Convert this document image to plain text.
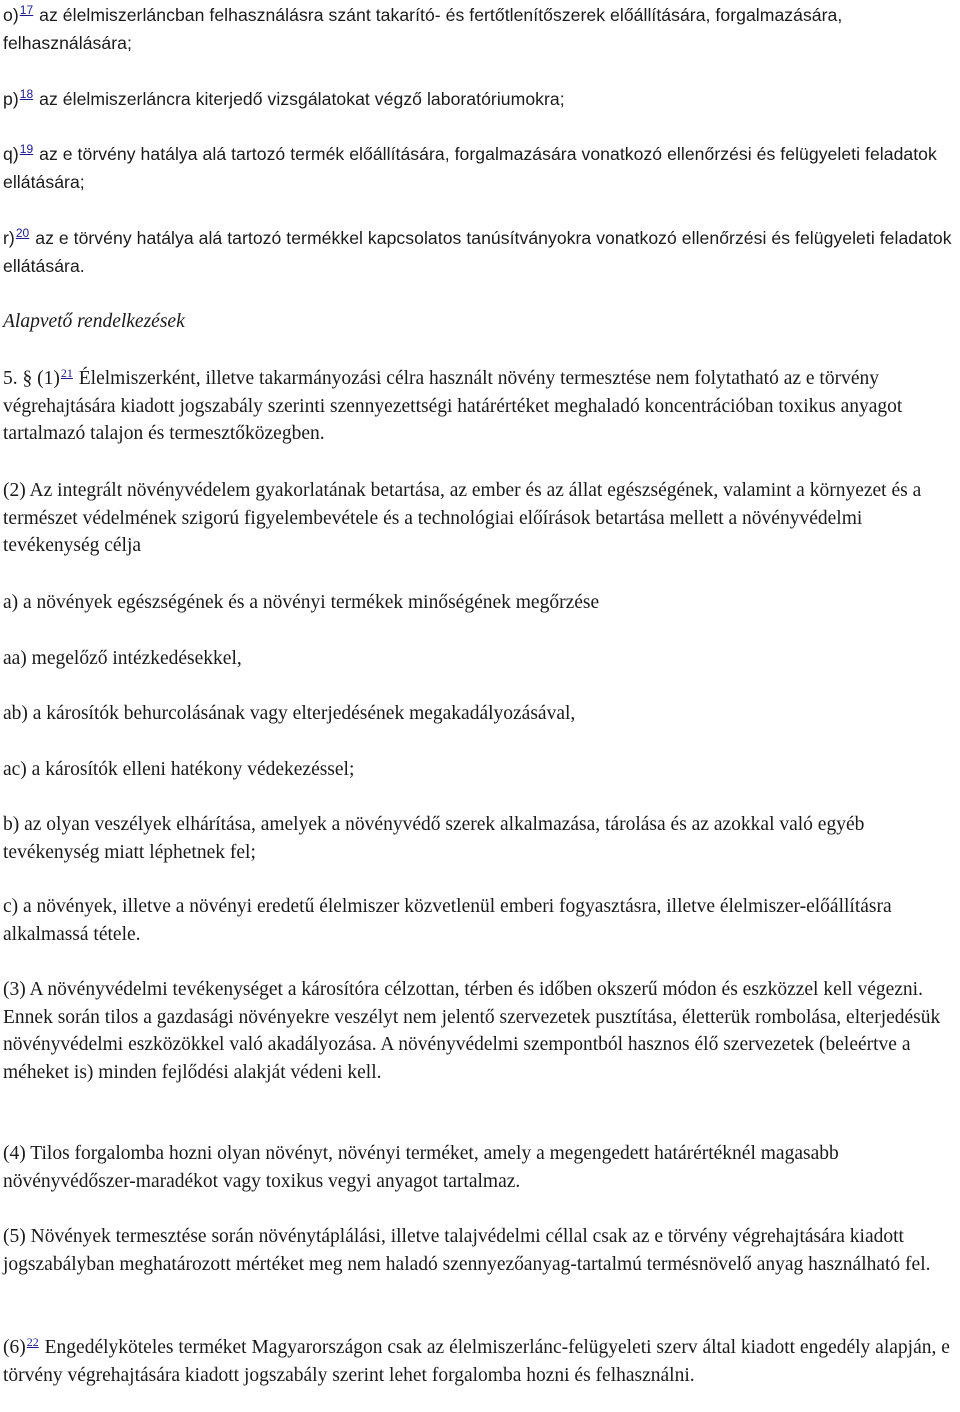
o)$^{17}$ az élelmiszerláncban felhasználásra szánt takarító- és fertőtlenítőszerek előállítására, forgalmazására, felhasználására;

p)$^{18}$ az élelmiszerláncra kiterjedő vizsgálatokat végző laboratóriumokra;

q)$^{19}$ az e törvény hatálya alá tartozó termék előállítására, forgalmazására vonatkozó ellenőrzési és felügyeleti feladatok ellátására;

r)$^{20}$ az e törvény hatálya alá tartozó termékkel kapcsolatos tanúsítványokra vonatkozó ellenőrzési és felügyeleti feladatok ellátására.

Alapvető rendelkezések

5. § (1)$^{21}$ Élelmiszerként, illetve takarmányozási célra használt növény termesztése nem folytatható az e törvény végrehajtására kiadott jogszabály szerinti szennyezettségi határértéket meghaladó koncentrációban toxikus anyagot tartalmazó talajon és termesztőközegben.

(2) Az integrált növényvédelem gyakorlatának betartása, az ember és az állat egészségének, valamint a környezet és a természet védelmének szigorú figyelembevétele és a technológiai előírások betartása mellett a növényvédelmi tevékenység célja

a) a növények egészségének és a növényi termékek minőségének megőrzése

aa) megelőző intézkedésekkel,

ab) a károsítók behurcolásának vagy elterjedésének megakadályozásával,

ac) a károsítók elleni hatékony védekezéssel;

b) az olyan veszélyek elhárítása, amelyek a növényvédő szerek alkalmazása, tárolása és az azokkal való egyéb tevékenység miatt léphetnek fel;

c) a növények, illetve a növényi eredetű élelmiszer közvetlenül emberi fogyasztásra, illetve élelmiszer-előállításra alkalmassá tétele.

(3) A növényvédelmi tevékenységet a károsítóra célzottan, térben és időben okszerű módon és eszközzel kell végezni. Ennek során tilos a gazdasági növényekre veszélyt nem jelentő szervezetek pusztítása, életterük rombolása, elterjedésük növényvédelmi eszközökkel való akadályozása. A növényvédelmi szempontból hasznos élő szervezetek (beleértve a méheket is) minden fejlődési alakját védeni kell.

(4) Tilos forgalomba hozni olyan növényt, növényi terméket, amely a megengedett határértéknél magasabb növényvédőszer-maradékot vagy toxikus vegyi anyagot tartalmaz.

(5) Növények termesztése során növénytáplálási, illetve talajvédelmi céllal csak az e törvény végrehajtására kiadott jogszabályban meghatározott mértéket meg nem haladó szennyezőanyag-tartalmú termésnövelő anyag használható fel.

(6)$^{22}$ Engedélyköteles terméket Magyarországon csak az élelmiszerlánc-felügyeleti szerv által kiadott engedély alapján, e törvény végrehajtására kiadott jogszabály szerint lehet forgalomba hozni és felhasználni.
